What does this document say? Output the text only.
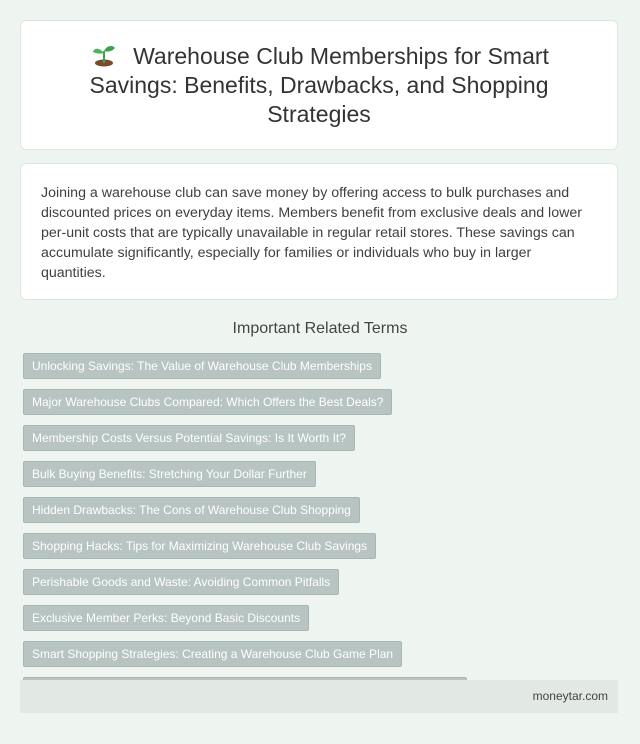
Warehouse Club Memberships for Smart Savings: Benefits, Drawbacks, and Shopping Strategies

Joining a warehouse club can save money by offering access to bulk purchases and discounted prices on everyday items. Members benefit from exclusive deals and lower per-unit costs that are typically unavailable in regular retail stores. These savings can accumulate significantly, especially for families or individuals who buy in larger quantities.

Important Related Terms
Unlocking Savings: The Value of Warehouse Club Memberships
Major Warehouse Clubs Compared: Which Offers the Best Deals?
Membership Costs Versus Potential Savings: Is It Worth It?
Bulk Buying Benefits: Stretching Your Dollar Further
Hidden Drawbacks: The Cons of Warehouse Club Shopping
Shopping Hacks: Tips for Maximizing Warehouse Club Savings
Perishable Goods and Waste: Avoiding Common Pitfalls
Exclusive Member Perks: Beyond Basic Discounts
Smart Shopping Strategies: Creating a Warehouse Club Game Plan
moneytar.com
